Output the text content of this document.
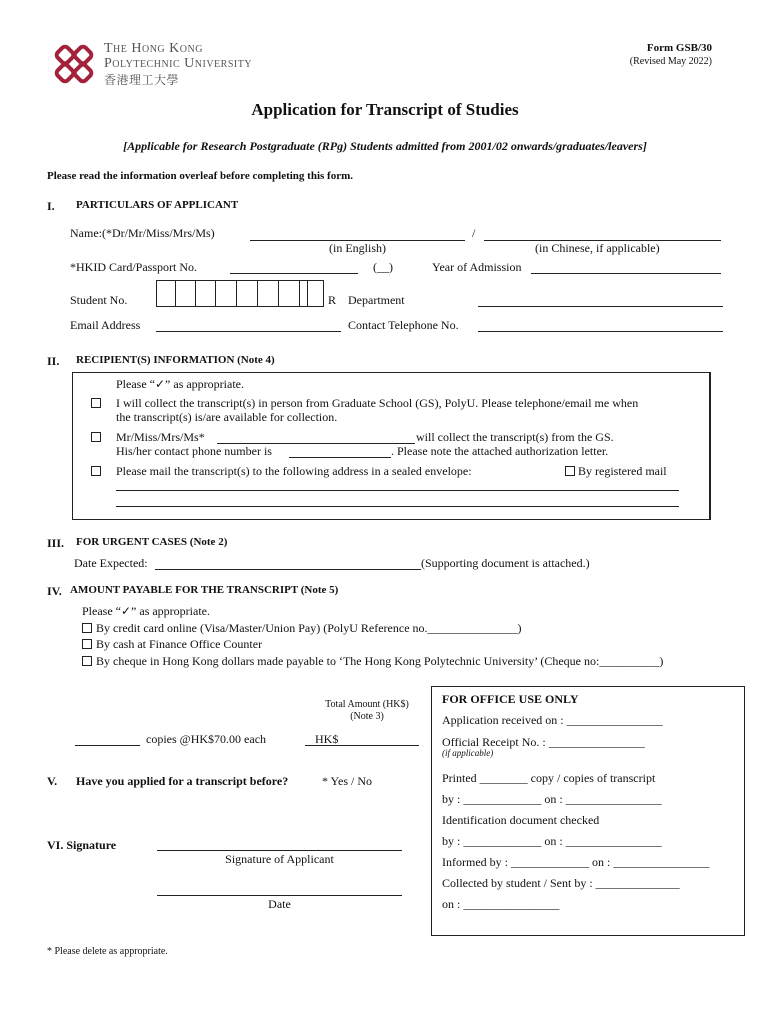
The Hong Kong
Polytechnic University
香港理工大學
Form GSB/30
(Revised May 2022)
Application for Transcript of Studies
[Applicable for Research Postgraduate (RPg) Students admitted from 2001/02 onwards/graduates/leavers]
Please read the information overleaf before completing this form.
I. PARTICULARS OF APPLICANT
Name:(*Dr/Mr/Miss/Mrs/Ms)	/
(in English)	(in Chinese, if applicable)
*HKID Card/Passport No.	(__)	Year of Admission
Student No.	R Department
Email Address	Contact Telephone No.
II. RECIPIENT(S) INFORMATION (Note 4)
Please “✓” as appropriate.
I will collect the transcript(s) in person from Graduate School (GS), PolyU. Please telephone/email me when
the transcript(s) is/are available for collection.
Mr/Miss/Mrs/Ms*	will collect the transcript(s) from the GS.
His/her contact phone number is	. Please note the attached authorization letter.
Please mail the transcript(s) to the following address in a sealed envelope:	By registered mail
III. FOR URGENT CASES (Note 2)
Date Expected:	(Supporting document is attached.)
IV. AMOUNT PAYABLE FOR THE TRANSCRIPT (Note 5)
Please “✓” as appropriate.
By credit card online (Visa/Master/Union Pay) (PolyU Reference no._______________)
By cash at Finance Office Counter
By cheque in Hong Kong dollars made payable to ‘The Hong Kong Polytechnic University’ (Cheque no:__________)
Total Amount (HK$)
(Note 3)
copies @HK$70.00 each	HK$
V. Have you applied for a transcript before?	* Yes / No
VI. Signature
Signature of Applicant
Date
FOR OFFICE USE ONLY
Application received on : ________________
Official Receipt No. : ________________
(if applicable)
Printed ________ copy / copies of transcript
by : _____________ on : ________________
Identification document checked
by : _____________ on : ________________
Informed by : _____________ on : ________________
Collected by student / Sent by : ______________
on : ________________
* Please delete as appropriate.
